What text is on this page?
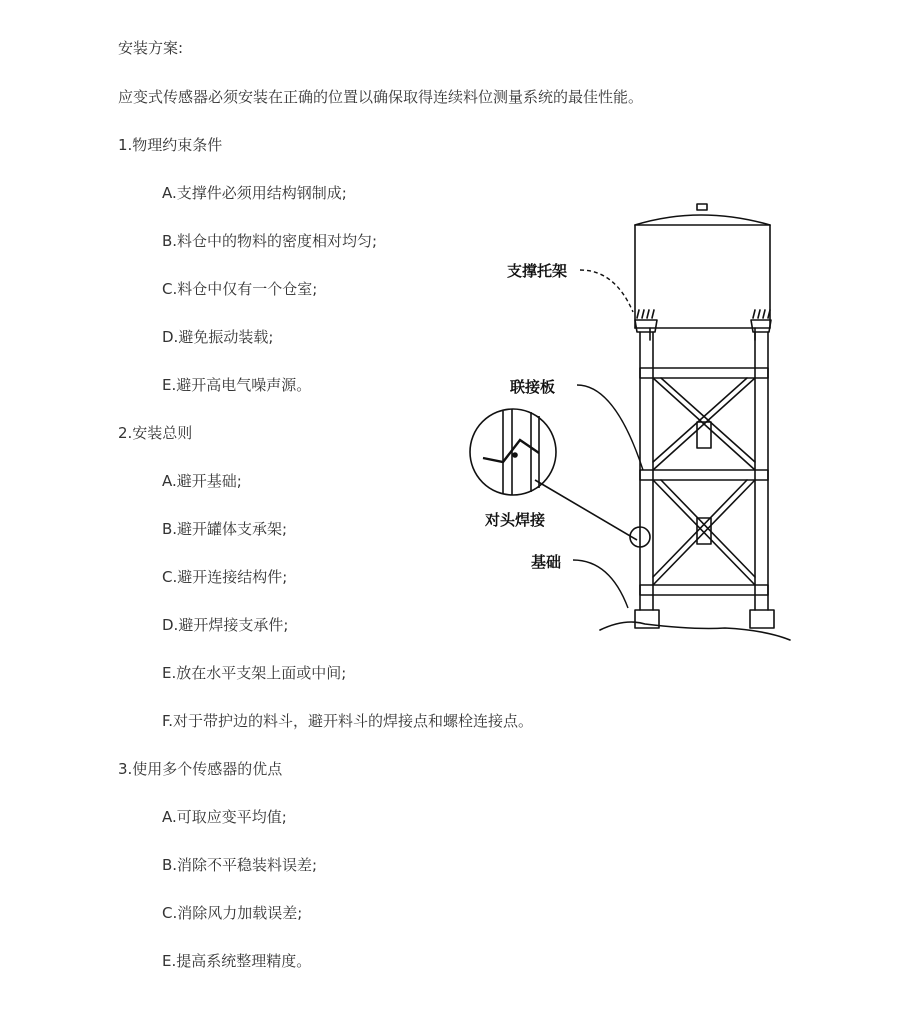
安装方案:
应变式传感器必须安装在正确的位置以确保取得连续料位测量系统的最佳性能。
1.物理约束条件
A.支撑件必须用结构钢制成;
B.料仓中的物料的密度相对均匀;
C.料仓中仅有一个仓室;
D.避免振动装载;
E.避开高电气噪声源。
2.安装总则
A.避开基础;
B.避开罐体支承架;
C.避开连接结构件;
D.避开焊接支承件;
E.放在水平支架上面或中间;
F.对于带护边的料斗，避开料斗的焊接点和螺栓连接点。
3.使用多个传感器的优点
A.可取应变平均值;
B.消除不平稳装料误差;
C.消除风力加载误差;
E.提高系统整理精度。
支撑托架
联接板
对头焊接
基础
